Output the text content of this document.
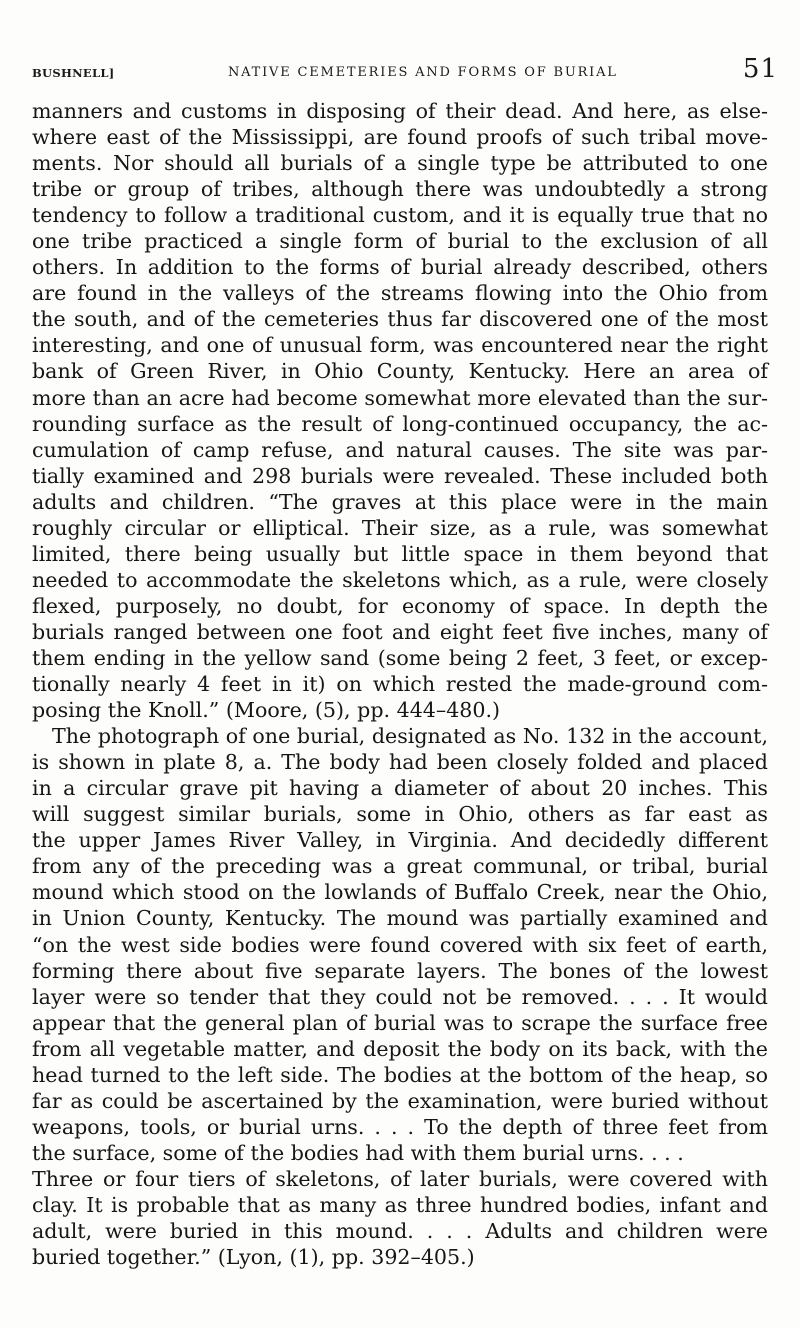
BUSHNELL]	NATIVE CEMETERIES AND FORMS OF BURIAL	51
manners and customs in disposing of their dead. And here, as else-
where east of the Mississippi, are found proofs of such tribal move-
ments. Nor should all burials of a single type be attributed to one
tribe or group of tribes, although there was undoubtedly a strong
tendency to follow a traditional custom, and it is equally true that no
one tribe practiced a single form of burial to the exclusion of all
others. In addition to the forms of burial already described, others
are found in the valleys of the streams flowing into the Ohio from
the south, and of the cemeteries thus far discovered one of the most
interesting, and one of unusual form, was encountered near the right
bank of Green River, in Ohio County, Kentucky. Here an area of
more than an acre had become somewhat more elevated than the sur-
rounding surface as the result of long-continued occupancy, the ac-
cumulation of camp refuse, and natural causes. The site was par-
tially examined and 298 burials were revealed. These included both
adults and children. “The graves at this place were in the main
roughly circular or elliptical. Their size, as a rule, was somewhat
limited, there being usually but little space in them beyond that
needed to accommodate the skeletons which, as a rule, were closely
flexed, purposely, no doubt, for economy of space. In depth the
burials ranged between one foot and eight feet five inches, many of
them ending in the yellow sand (some being 2 feet, 3 feet, or excep-
tionally nearly 4 feet in it) on which rested the made-ground com-
posing the Knoll.” (Moore, (5), pp. 444–480.)
The photograph of one burial, designated as No. 132 in the account,
is shown in plate 8, a. The body had been closely folded and placed
in a circular grave pit having a diameter of about 20 inches. This
will suggest similar burials, some in Ohio, others as far east as
the upper James River Valley, in Virginia. And decidedly different
from any of the preceding was a great communal, or tribal, burial
mound which stood on the lowlands of Buffalo Creek, near the Ohio,
in Union County, Kentucky. The mound was partially examined and
“on the west side bodies were found covered with six feet of earth,
forming there about five separate layers. The bones of the lowest
layer were so tender that they could not be removed. . . . It would
appear that the general plan of burial was to scrape the surface free
from all vegetable matter, and deposit the body on its back, with the
head turned to the left side. The bodies at the bottom of the heap, so
far as could be ascertained by the examination, were buried without
weapons, tools, or burial urns. . . . To the depth of three feet from
the surface, some of the bodies had with them burial urns. . . .
Three or four tiers of skeletons, of later burials, were covered with
clay. It is probable that as many as three hundred bodies, infant and
adult, were buried in this mound. . . . Adults and children were
buried together.” (Lyon, (1), pp. 392–405.)
